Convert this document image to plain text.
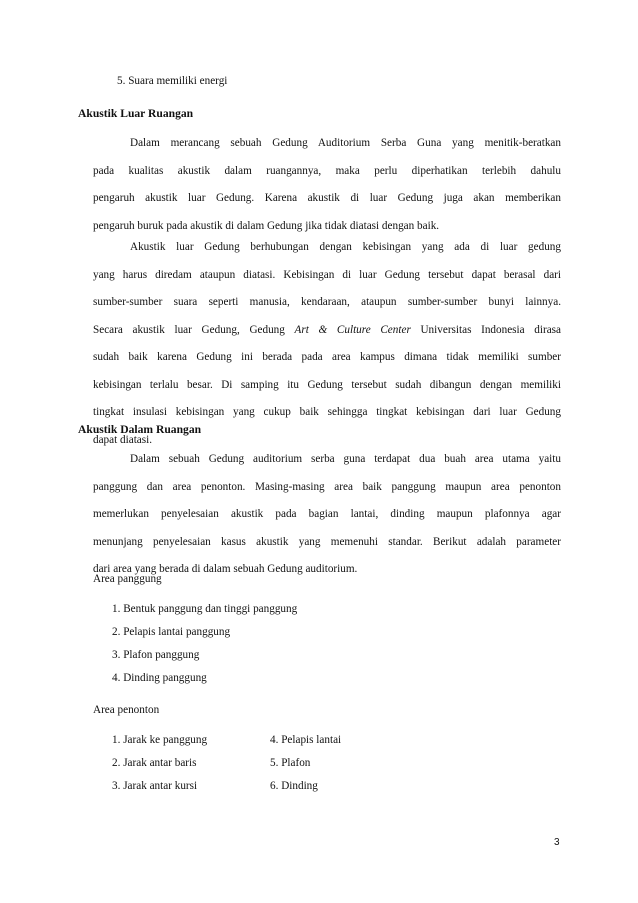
5. Suara memiliki energi
Akustik Luar Ruangan
Dalam merancang sebuah Gedung Auditorium Serba Guna yang menitik-beratkan
pada kualitas akustik dalam ruangannya, maka perlu diperhatikan terlebih dahulu
pengaruh akustik luar Gedung. Karena akustik di luar Gedung juga akan memberikan
pengaruh buruk pada akustik di dalam Gedung jika tidak diatasi dengan baik.
Akustik luar Gedung berhubungan dengan kebisingan yang ada di luar gedung
yang harus diredam ataupun diatasi. Kebisingan di luar Gedung tersebut dapat berasal dari
sumber-sumber suara seperti manusia, kendaraan, ataupun sumber-sumber bunyi lainnya.
Secara akustik luar Gedung, Gedung Art & Culture Center Universitas Indonesia dirasa
sudah baik karena Gedung ini berada pada area kampus dimana tidak memiliki sumber
kebisingan terlalu besar. Di samping itu Gedung tersebut sudah dibangun dengan memiliki
tingkat insulasi kebisingan yang cukup baik sehingga tingkat kebisingan dari luar Gedung
dapat diatasi.
Akustik Dalam Ruangan
Dalam sebuah Gedung auditorium serba guna terdapat dua buah area utama yaitu
panggung dan area penonton. Masing-masing area baik panggung maupun area penonton
memerlukan penyelesaian akustik pada bagian lantai, dinding maupun plafonnya agar
menunjang penyelesaian kasus akustik yang memenuhi standar. Berikut adalah parameter
dari area yang berada di dalam sebuah Gedung auditorium.
Area panggung
1. Bentuk panggung dan tinggi panggung
2. Pelapis lantai panggung
3. Plafon panggung
4. Dinding panggung
Area penonton
1. Jarak ke panggung
2. Jarak antar baris
3. Jarak antar kursi
4. Pelapis lantai
5. Plafon
6. Dinding
3
